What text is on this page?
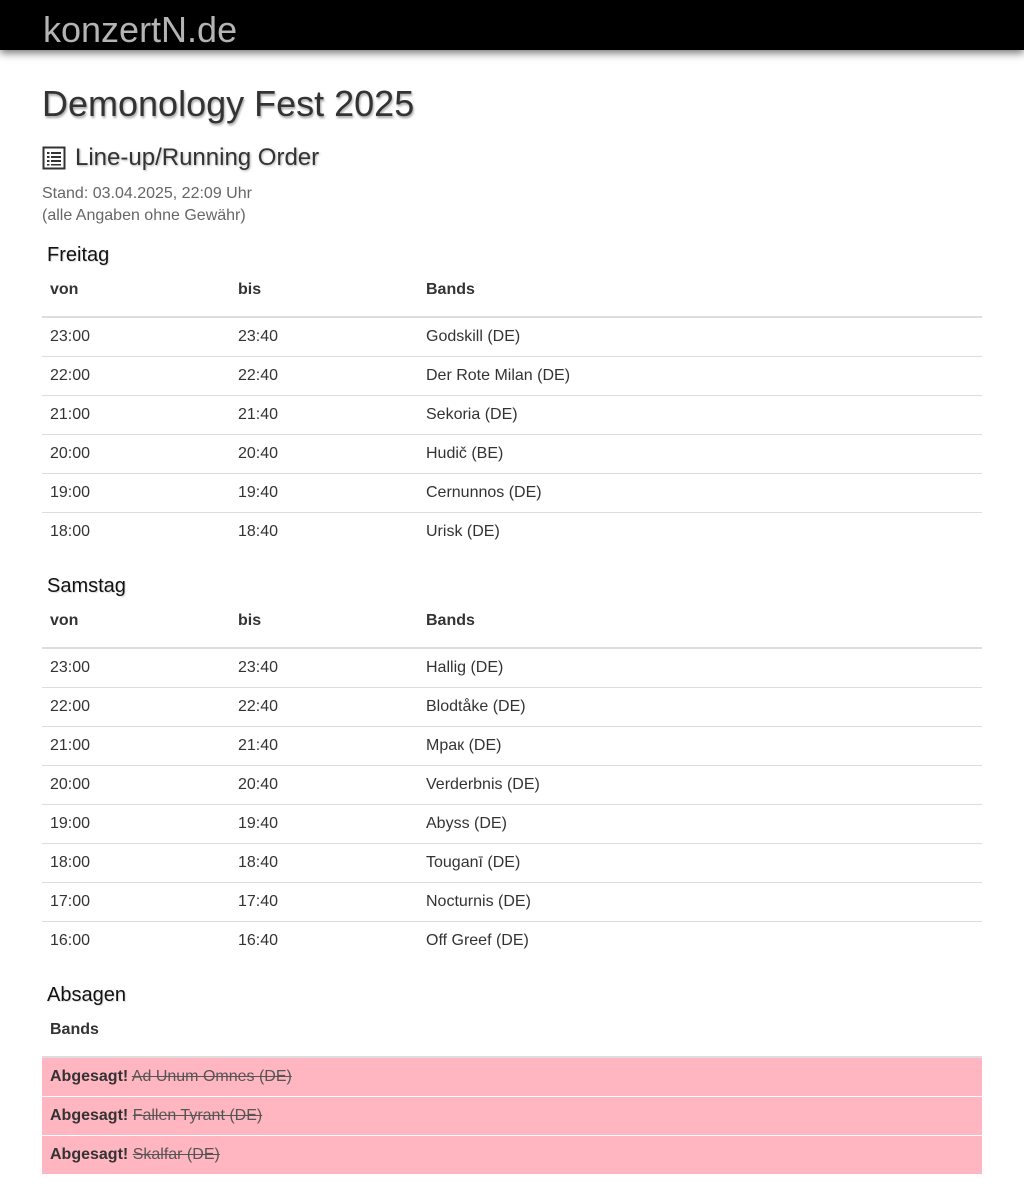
konzertN.de
Demonology Fest 2025
Line-up/Running Order
Stand: 03.04.2025, 22:09 Uhr
(alle Angaben ohne Gewähr)
Freitag
von	bis	Bands
23:00	23:40	Godskill (DE)
22:00	22:40	Der Rote Milan (DE)
21:00	21:40	Sekoria (DE)
20:00	20:40	Hudič (BE)
19:00	19:40	Cernunnos (DE)
18:00	18:40	Urisk (DE)
Samstag
von	bis	Bands
23:00	23:40	Hallig (DE)
22:00	22:40	Blodtåke (DE)
21:00	21:40	Мрак (DE)
20:00	20:40	Verderbnis (DE)
19:00	19:40	Abyss (DE)
18:00	18:40	Touganī (DE)
17:00	17:40	Nocturnis (DE)
16:00	16:40	Off Greef (DE)
Absagen
Bands
Abgesagt! Ad Unum Omnes (DE)
Abgesagt! Fallen Tyrant (DE)
Abgesagt! Skalfar (DE)
